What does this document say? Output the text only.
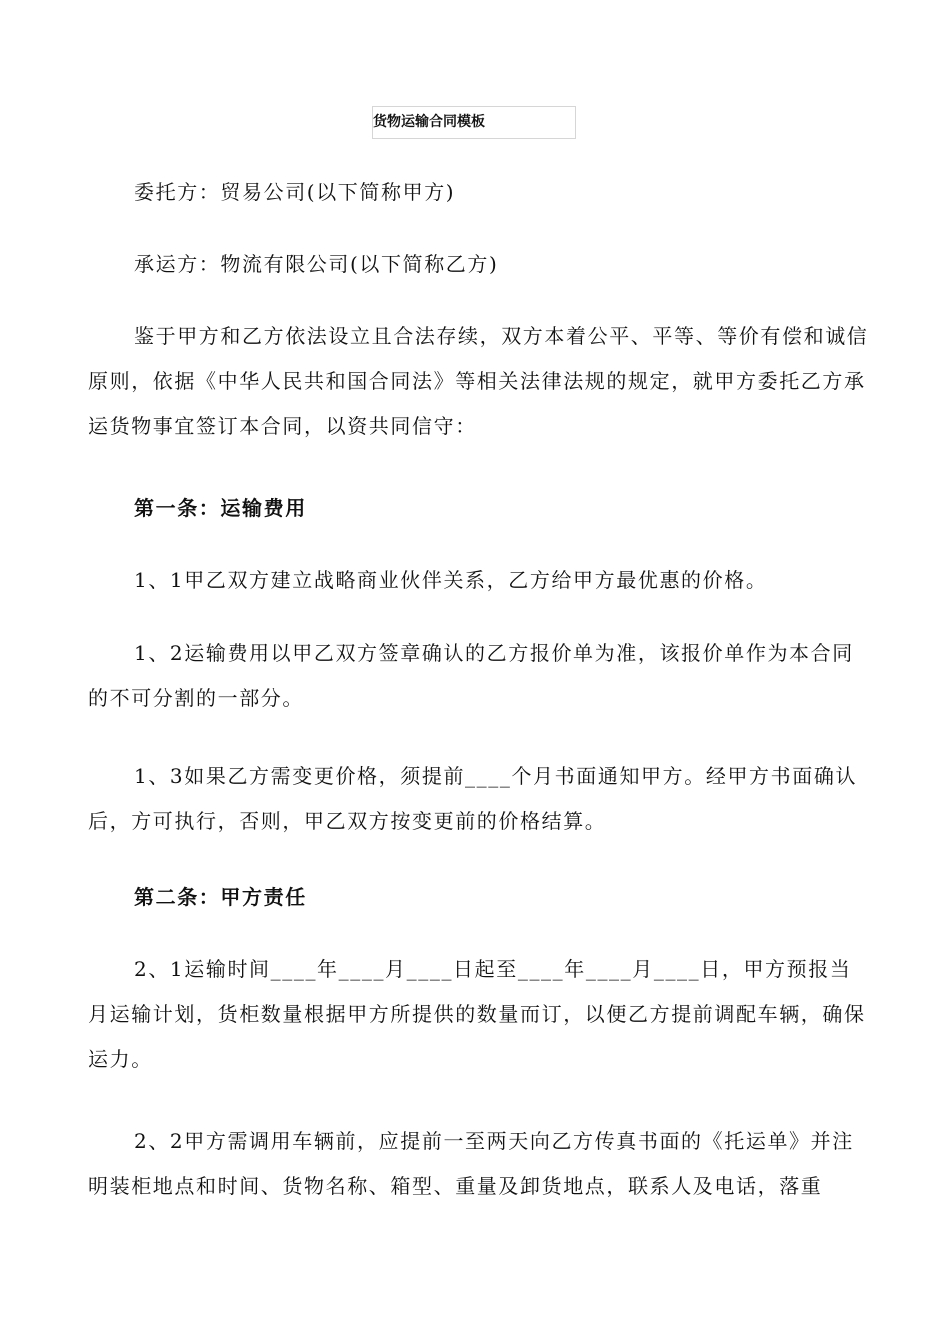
货物运输合同模板

委托方：贸易公司(以下简称甲方)

承运方：物流有限公司(以下简称乙方)

鉴于甲方和乙方依法设立且合法存续，双方本着公平、平等、等价有偿和诚信原则，依据《中华人民共和国合同法》等相关法律法规的规定，就甲方委托乙方承运货物事宜签订本合同，以资共同信守：

第一条：运输费用

1、1甲乙双方建立战略商业伙伴关系，乙方给甲方最优惠的价格。

1、2运输费用以甲乙双方签章确认的乙方报价单为准，该报价单作为本合同的不可分割的一部分。

1、3如果乙方需变更价格，须提前____个月书面通知甲方。经甲方书面确认后，方可执行，否则，甲乙双方按变更前的价格结算。

第二条：甲方责任

2、1运输时间____年____月____日起至____年____月____日，甲方预报当月运输计划，货柜数量根据甲方所提供的数量而订，以便乙方提前调配车辆，确保运力。

2、2甲方需调用车辆前，应提前一至两天向乙方传真书面的《托运单》并注明装柜地点和时间、货物名称、箱型、重量及卸货地点，联系人及电话，落重
